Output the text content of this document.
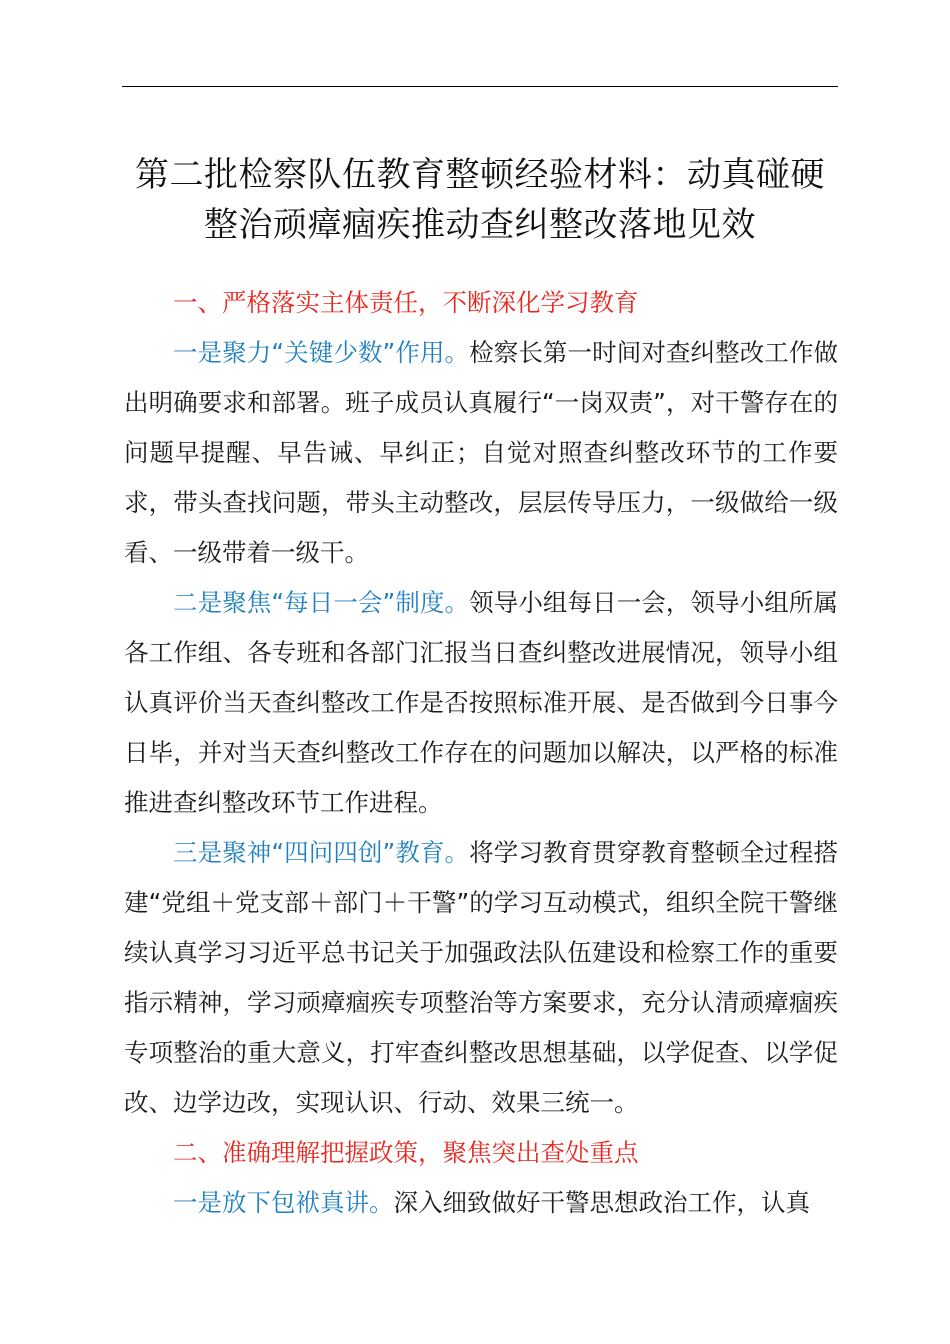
第二批检察队伍教育整顿经验材料：动真碰硬
整治顽瘴痼疾推动查纠整改落地见效

一、严格落实主体责任，不断深化学习教育

一是聚力“关键少数”作用。检察长第一时间对查纠整改工作做出明确要求和部署。班子成员认真履行“一岗双责”，对干警存在的问题早提醒、早告诫、早纠正；自觉对照查纠整改环节的工作要求，带头查找问题，带头主动整改，层层传导压力，一级做给一级看、一级带着一级干。

二是聚焦“每日一会”制度。领导小组每日一会，领导小组所属各工作组、各专班和各部门汇报当日查纠整改进展情况，领导小组认真评价当天查纠整改工作是否按照标准开展、是否做到今日事今日毕，并对当天查纠整改工作存在的问题加以解决，以严格的标准推进查纠整改环节工作进程。

三是聚神“四问四创”教育。将学习教育贯穿教育整顿全过程搭建“党组＋党支部＋部门＋干警”的学习互动模式，组织全院干警继续认真学习习近平总书记关于加强政法队伍建设和检察工作的重要指示精神，学习顽瘴痼疾专项整治等方案要求，充分认清顽瘴痼疾专项整治的重大意义，打牢查纠整改思想基础，以学促查、以学促改、边学边改，实现认识、行动、效果三统一。

二、准确理解把握政策，聚焦突出查处重点

一是放下包袱真讲。深入细致做好干警思想政治工作，认真
